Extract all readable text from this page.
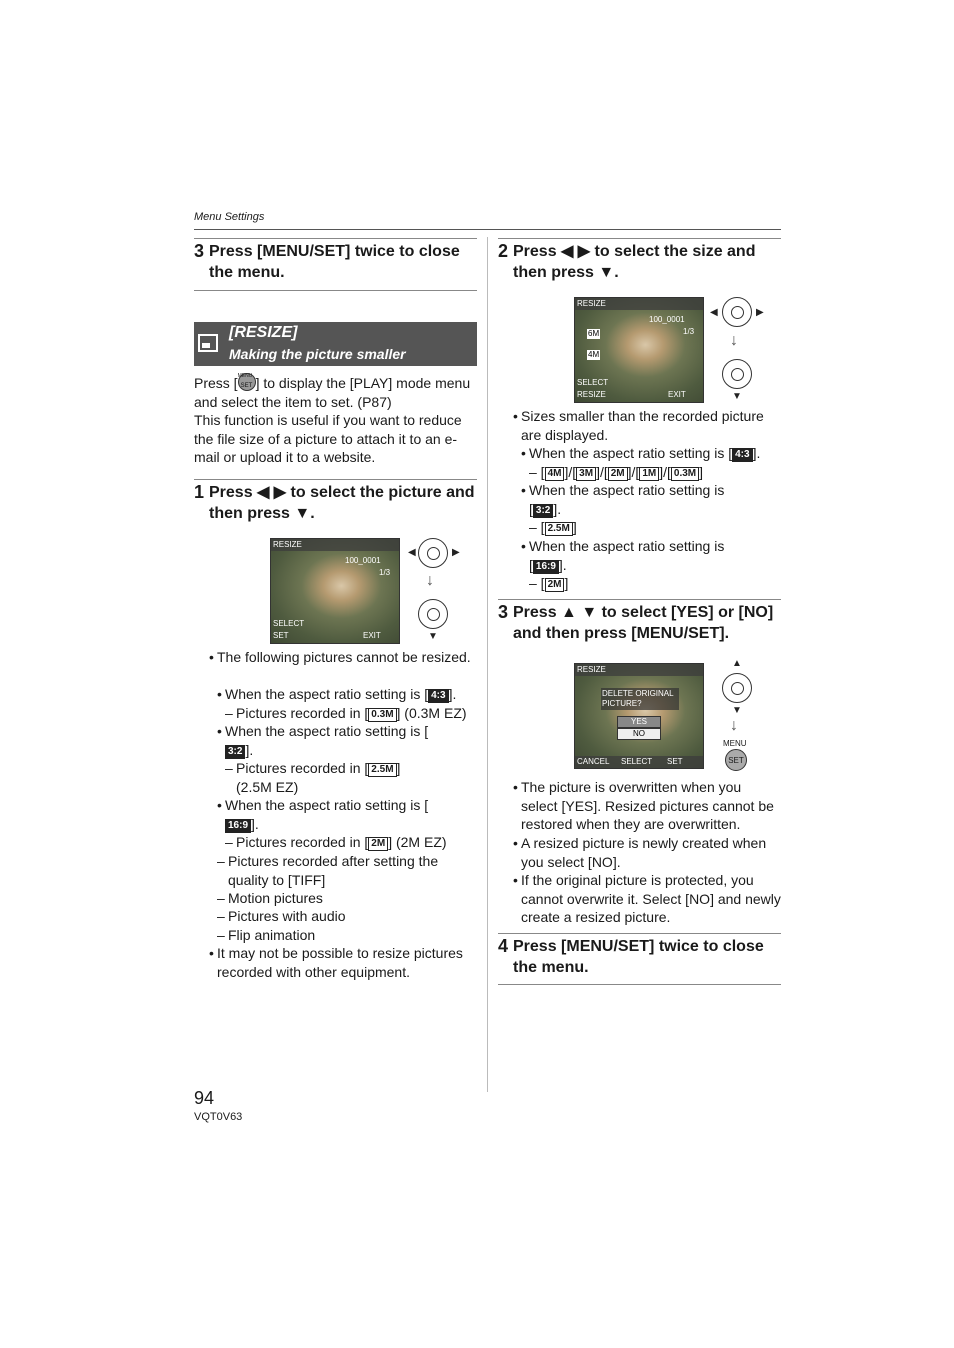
Menu Settings
3 Press [MENU/SET] twice to close the menu.
[RESIZE]
Making the picture smaller
Press [ MENU
SET ] to display the [PLAY] mode menu and select the item to set. (P87)
This function is useful if you want to reduce the file size of a picture to attach it to an e-mail or upload it to a website.
1 Press ◀ ▶ to select the picture and then press ▼.
RESIZE
100_0001
1/3
SELECT
SET	EXIT
◀	▶
↓
▼
• The following pictures cannot be resized.
• When the aspect ratio setting is [ 4:3 ].
– Pictures recorded in [ 0.3M ] (0.3M EZ)
• When the aspect ratio setting is [
3:2 ].
– Pictures recorded in [ 2.5M ]
(2.5M EZ)
• When the aspect ratio setting is [
16:9 ].
– Pictures recorded in [ 2M ] (2M EZ)
– Pictures recorded after setting the quality to [TIFF]
– Motion pictures
– Pictures with audio
– Flip animation
• It may not be possible to resize pictures recorded with other equipment.
2 Press ◀ ▶ to select the size and then press ▼.
RESIZE
100_0001
1/3
6M
4M
SELECT
RESIZE	EXIT
◀	▶
↓
▼
• Sizes smaller than the recorded picture are displayed.
• When the aspect ratio setting is [ 4:3 ].
– [ 4M ]/[ 3M ]/[ 2M ]/[ 1M ]/[ 0.3M ]
• When the aspect ratio setting is
[ 3:2 ].
– [ 2.5M ]
• When the aspect ratio setting is
[ 16:9 ].
– [ 2M ]
3 Press ▲ ▼ to select [YES] or [NO] and then press [MENU/SET].
RESIZE
DELETE ORIGINAL PICTURE?
YES
NO
CANCEL SELECT SET
▲
▼
↓
MENU
SET
• The picture is overwritten when you select [YES]. Resized pictures cannot be restored when they are overwritten.
• A resized picture is newly created when you select [NO].
• If the original picture is protected, you cannot overwrite it. Select [NO] and newly create a resized picture.
4 Press [MENU/SET] twice to close the menu.
94
VQT0V63
